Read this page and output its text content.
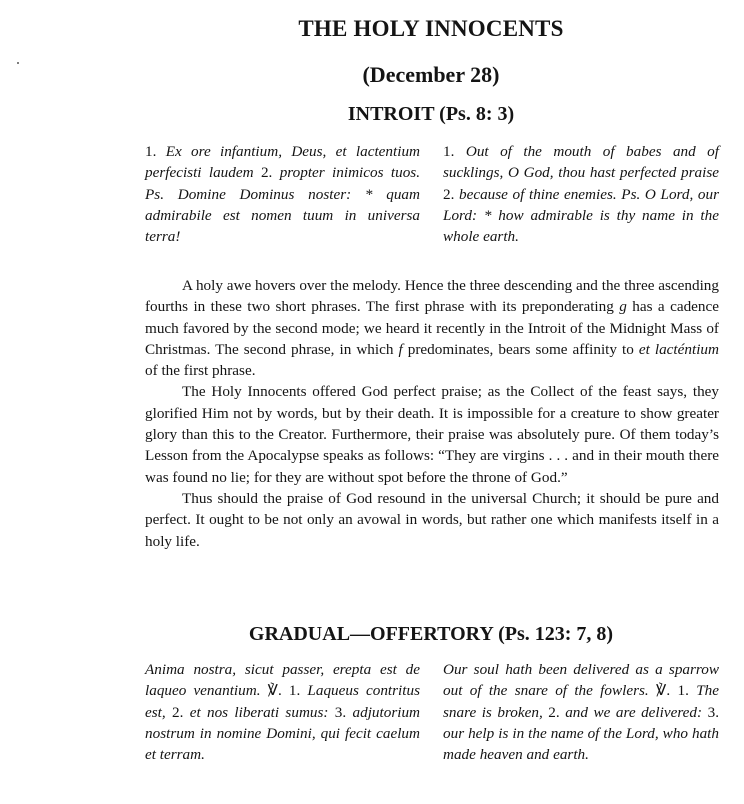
THE HOLY INNOCENTS
(December 28)
INTROIT (Ps. 8: 3)

1. Ex ore infantium, Deus, et lactentium perfecisti laudem 2. propter inimicos tuos. Ps. Domine Dominus noster: * quam admirabile est nomen tuum in universa terra!

1. Out of the mouth of babes and of sucklings, O God, thou hast perfected praise 2. because of thine enemies. Ps. O Lord, our Lord: * how admirable is thy name in the whole earth.

A holy awe hovers over the melody. Hence the three descending and the three ascending fourths in these two short phrases. The first phrase with its preponderating g has a cadence much favored by the second mode; we heard it recently in the Introit of the Midnight Mass of Christmas. The second phrase, in which f predominates, bears some affinity to et lacténtium of the first phrase.

The Holy Innocents offered God perfect praise; as the Collect of the feast says, they glorified Him not by words, but by their death. It is impossible for a creature to show greater glory than this to the Creator. Furthermore, their praise was absolutely pure. Of them today’s Lesson from the Apocalypse speaks as follows: “They are virgins . . . and in their mouth there was found no lie; for they are without spot before the throne of God.”

Thus should the praise of God resound in the universal Church; it should be pure and perfect. It ought to be not only an avowal in words, but rather one which manifests itself in a holy life.

GRADUAL—OFFERTORY (Ps. 123: 7, 8)

Anima nostra, sicut passer, erepta est de laqueo venantium. ℣. 1. Laqueus contritus est, 2. et nos liberati sumus: 3. adjutorium nostrum in nomine Domini, qui fecit caelum et terram.

Our soul hath been delivered as a sparrow out of the snare of the fowlers. ℣. 1. The snare is broken, 2. and we are delivered: 3. our help is in the name of the Lord, who hath made heaven and earth.
